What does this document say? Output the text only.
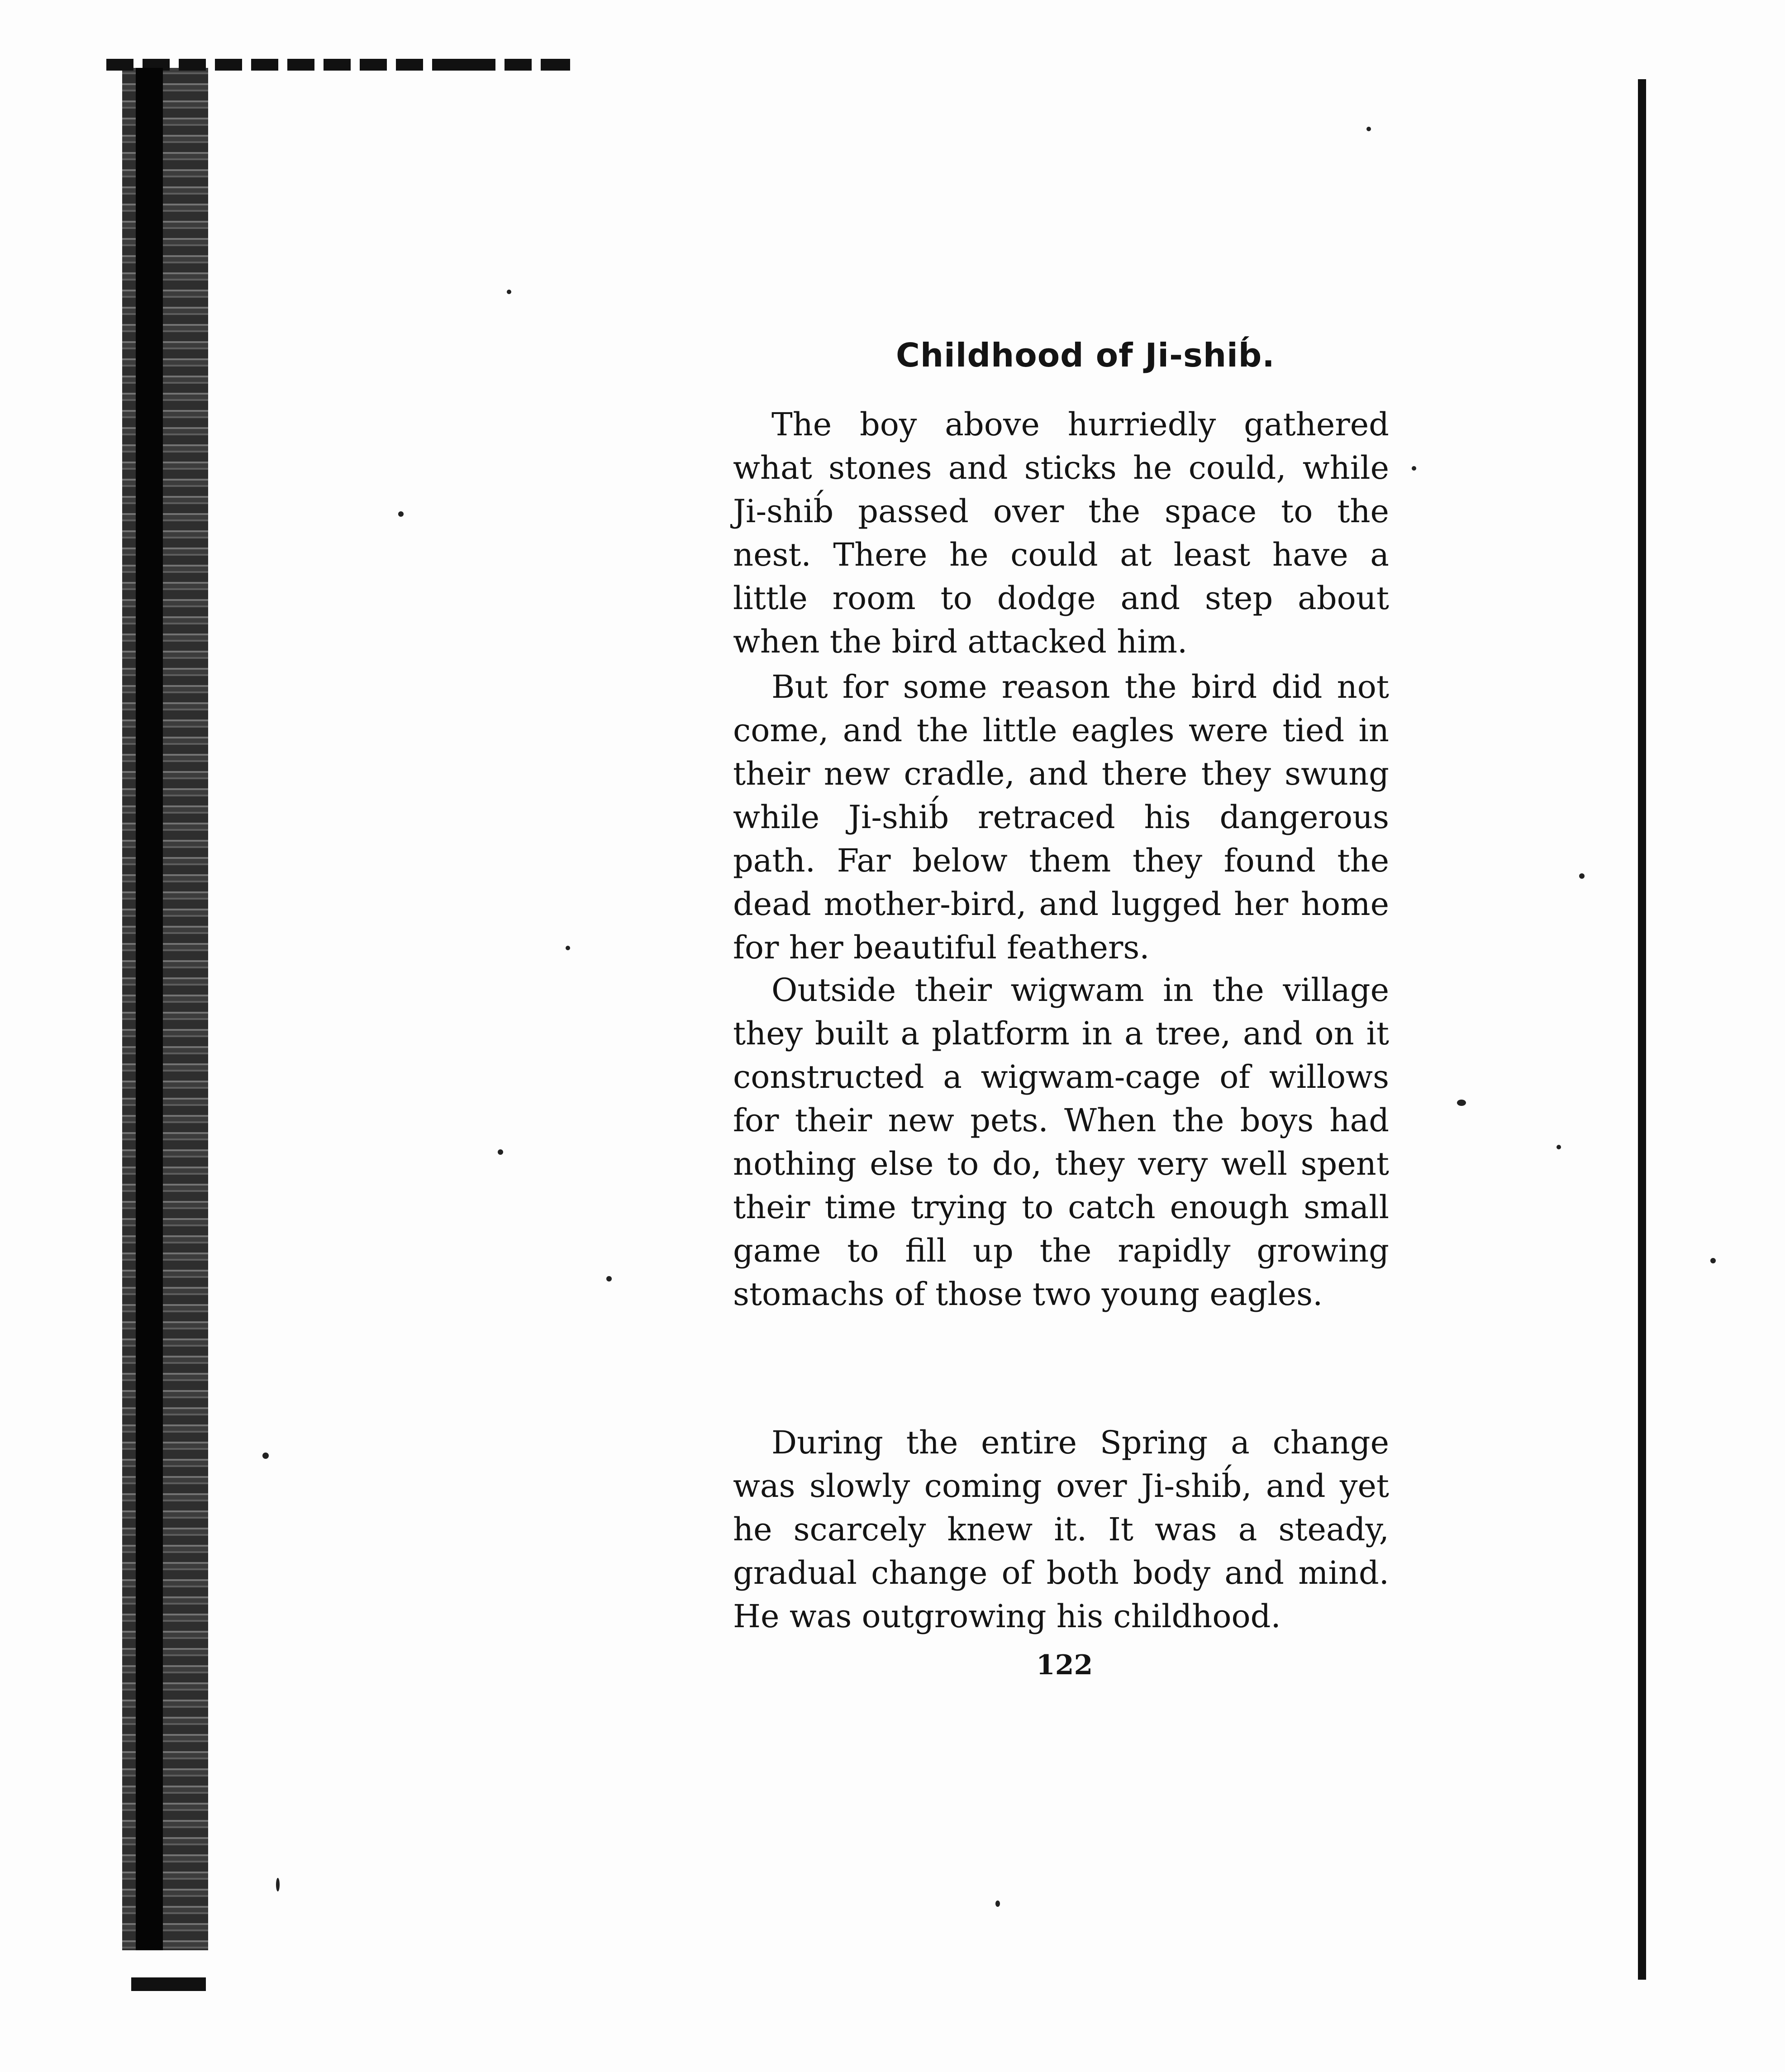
Childhood of Ji-shib́.

The boy above hurriedly gathered what stones and sticks he could, while Ji-shib́ passed over the space to the nest. There he could at least have a little room to dodge and step about when the bird attacked him.

But for some reason the bird did not come, and the little eagles were tied in their new cradle, and there they swung while Ji-shib́ retraced his dangerous path. Far below them they found the dead mother-bird, and lugged her home for her beautiful feathers.

Outside their wigwam in the village they built a platform in a tree, and on it constructed a wigwam-cage of willows for their new pets. When the boys had nothing else to do, they very well spent their time trying to catch enough small game to fill up the rapidly growing stomachs of those two young eagles.

During the entire Spring a change was slowly coming over Ji-shib́, and yet he scarcely knew it. It was a steady, gradual change of both body and mind. He was outgrowing his childhood.

122
